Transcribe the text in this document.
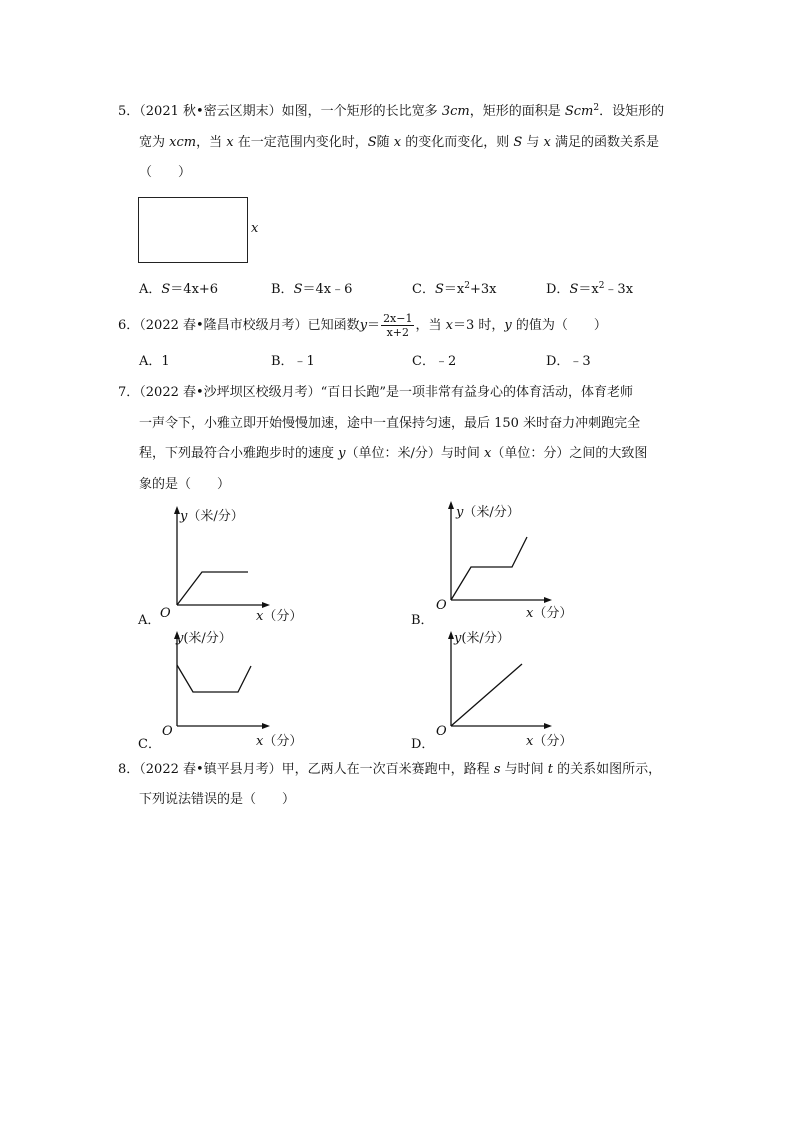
5．（2021 秋•密云区期末）如图，一个矩形的长比宽多 3cm，矩形的面积是 Scm$^2$．设矩形的
宽为 xcm，当 x 在一定范围内变化时，S随 x 的变化而变化，则 S 与 x 满足的函数关系是
（　　）
x
A．S＝4x+6	B．S＝4x﹣6	C．$S=x^2+3x$	D．$S=x^2﹣3x$
6．（2022 春•隆昌市校级月考）已知函数$y= \frac{2x-1}{x+2}$ ，当 x＝3 时，y 的值为（　　）
A．1	B．﹣1	C．﹣2	D．﹣3
7．（2022 春•沙坪坝区校级月考）“百日长跑”是一项非常有益身心的体育活动，体育老师
一声令下，小雅立即开始慢慢加速，途中一直保持匀速，最后 150 米时奋力冲刺跑完全
程，下列最符合小雅跑步时的速度 y（单位：米/分）与时间 x（单位：分）之间的大致图
象的是（　　）
y（米/分）
O	x（分）
A．
y（米/分）
O
x（分）
B．
y(米/分）
O
x（分）
C．
y(米/分）
O
x（分）
D．
8．（2022 春•镇平县月考）甲，乙两人在一次百米赛跑中，路程 s 与时间 t 的关系如图所示，
下列说法错误的是（　　）
